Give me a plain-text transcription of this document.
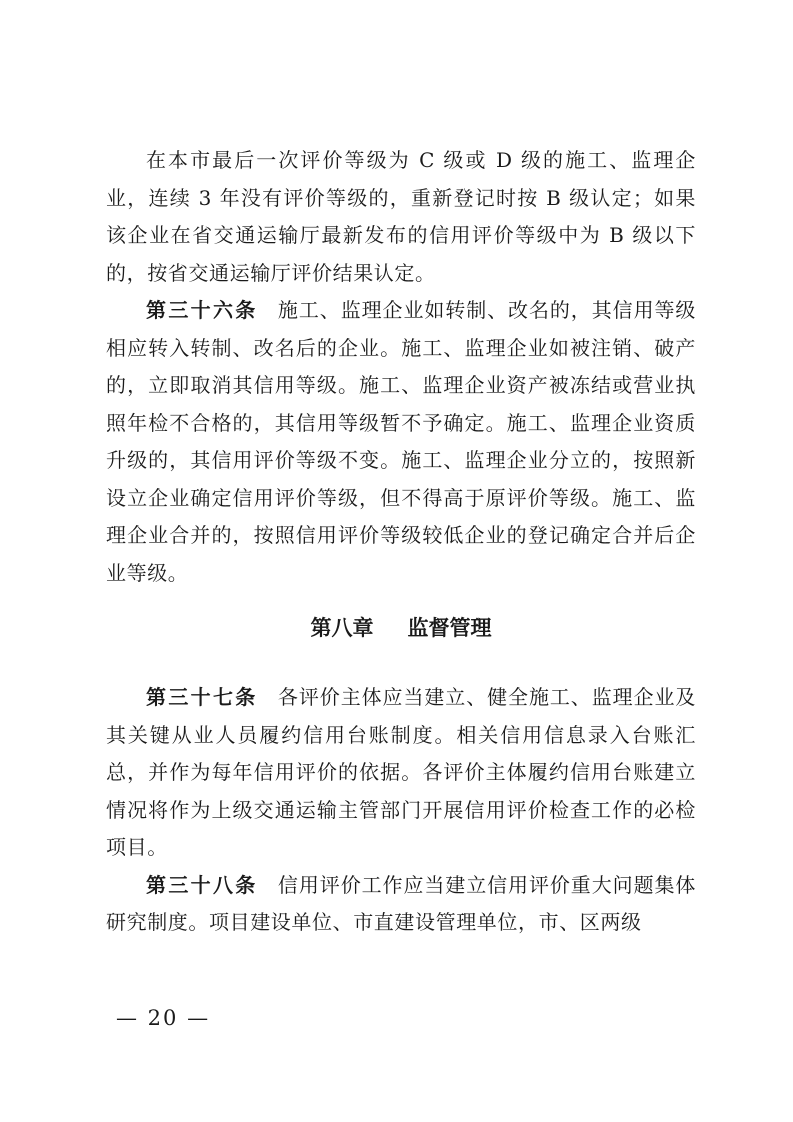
在本市最后一次评价等级为 C 级或 D 级的施工、监理企业，连续 3 年没有评价等级的，重新登记时按 B 级认定；如果该企业在省交通运输厅最新发布的信用评价等级中为 B 级以下的，按省交通运输厅评价结果认定。

第三十六条 施工、监理企业如转制、改名的，其信用等级相应转入转制、改名后的企业。施工、监理企业如被注销、破产的，立即取消其信用等级。施工、监理企业资产被冻结或营业执照年检不合格的，其信用等级暂不予确定。施工、监理企业资质升级的，其信用评价等级不变。施工、监理企业分立的，按照新设立企业确定信用评价等级，但不得高于原评价等级。施工、监理企业合并的，按照信用评价等级较低企业的登记确定合并后企业等级。

第八章 监督管理

第三十七条 各评价主体应当建立、健全施工、监理企业及其关键从业人员履约信用台账制度。相关信用信息录入台账汇总，并作为每年信用评价的依据。各评价主体履约信用台账建立情况将作为上级交通运输主管部门开展信用评价检查工作的必检项目。

第三十八条 信用评价工作应当建立信用评价重大问题集体研究制度。项目建设单位、市直建设管理单位，市、区两级

— 20 —
